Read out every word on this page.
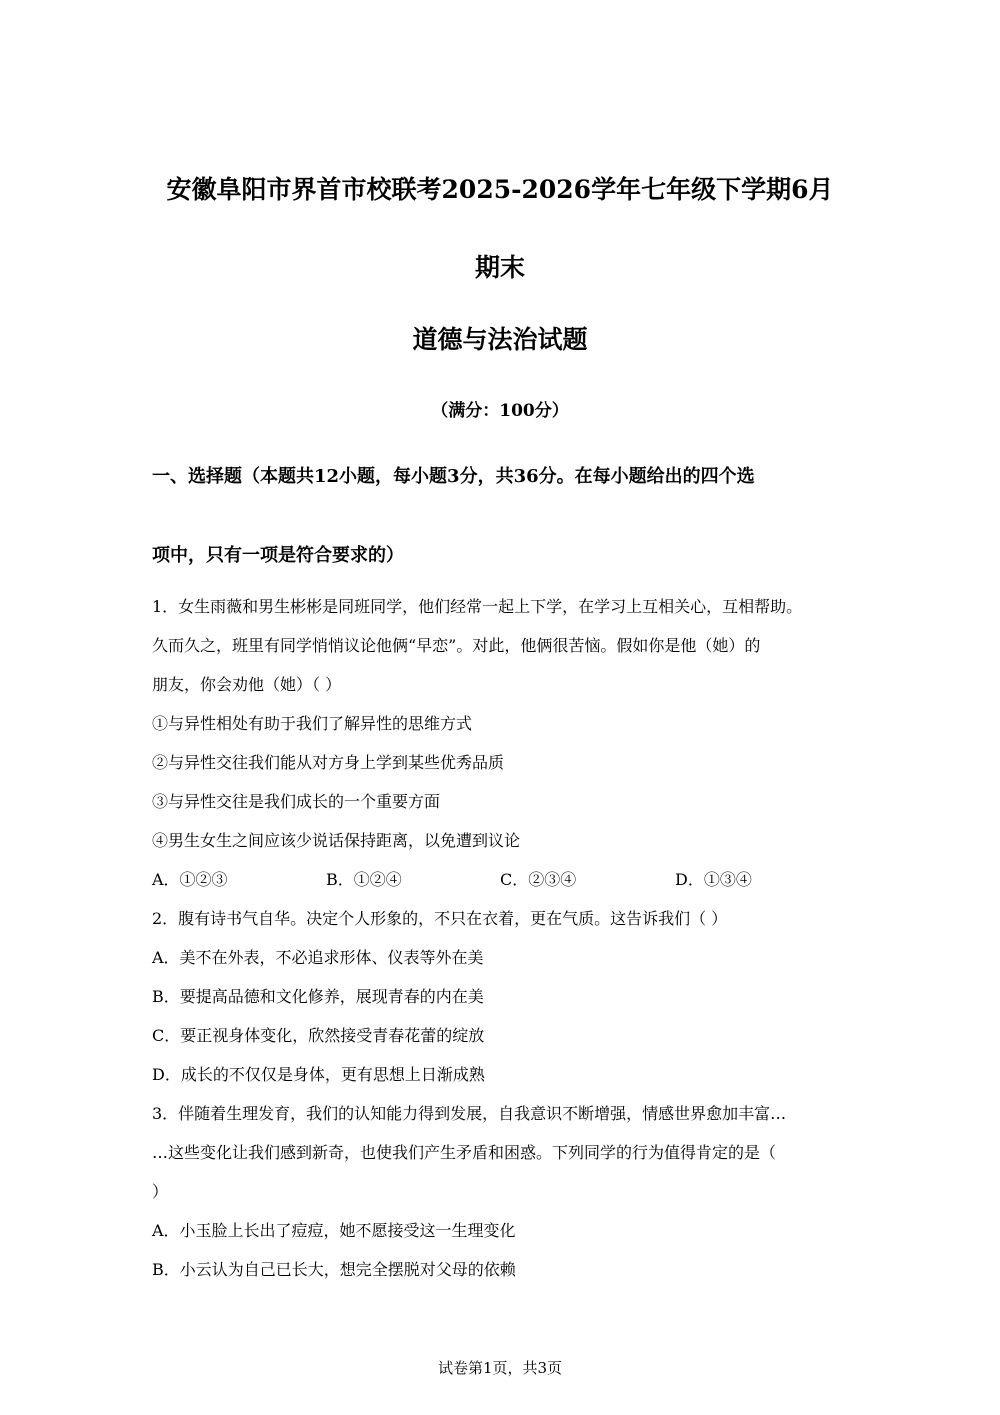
安徽阜阳市界首市校联考2025-2026学年七年级下学期6月
期末
道德与法治试题
（满分：100分）
一、选择题（本题共12小题，每小题3分，共36分。在每小题给出的四个选
项中，只有一项是符合要求的）
1．女生雨薇和男生彬彬是同班同学，他们经常一起上下学，在学习上互相关心，互相帮助。
久而久之，班里有同学悄悄议论他俩“早恋”。对此，他俩很苦恼。假如你是他（她）的
朋友，你会劝他（她）（ ）
①与异性相处有助于我们了解异性的思维方式
②与异性交往我们能从对方身上学到某些优秀品质
③与异性交往是我们成长的一个重要方面
④男生女生之间应该少说话保持距离，以免遭到议论
A．①②③	B．①②④	C．②③④	D．①③④
2．腹有诗书气自华。决定个人形象的，不只在衣着，更在气质。这告诉我们（ ）
A．美不在外表，不必追求形体、仪表等外在美
B．要提高品德和文化修养，展现青春的内在美
C．要正视身体变化，欣然接受青春花蕾的绽放
D．成长的不仅仅是身体，更有思想上日渐成熟
3．伴随着生理发育，我们的认知能力得到发展，自我意识不断增强，情感世界愈加丰富…
…这些变化让我们感到新奇，也使我们产生矛盾和困惑。下列同学的行为值得肯定的是（
）
A．小玉脸上长出了痘痘，她不愿接受这一生理变化
B．小云认为自己已长大，想完全摆脱对父母的依赖
试卷第1页，共3页
